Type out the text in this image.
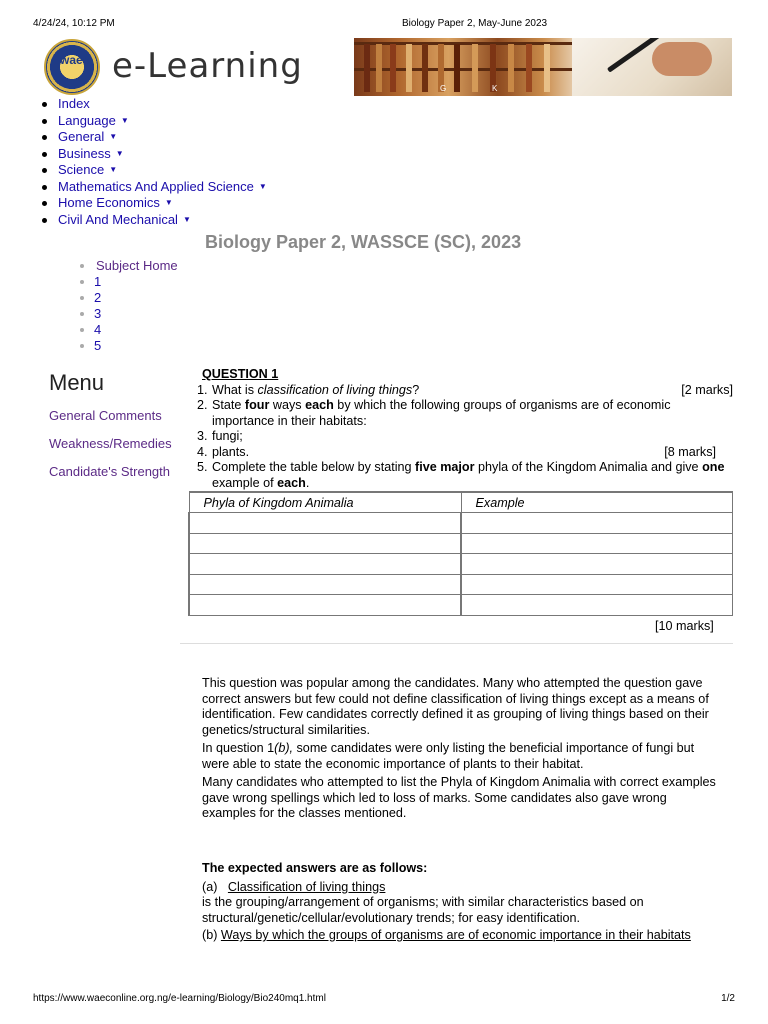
4/24/24, 10:12 PM	Biology Paper 2, May-June 2023
waec e-Learning
G	K
Index
Language ▼
General ▼
Business ▼
Science ▼
Mathematics And Applied Science ▼
Home Economics ▼
Civil And Mechanical ▼
Biology Paper 2, WASSCE (SC), 2023
Subject Home
1
2
3
4
5
Menu
General Comments
Weakness/Remedies
Candidate's Strength
QUESTION 1
1. What is classification of living things?	[2 marks]
2. State four ways each by which the following groups of organisms are of economic importance in their habitats:
3. fungi;
4. plants.	[8 marks]
5. Complete the table below by stating five major phyla of the Kingdom Animalia and give one example of each.
Phyla of Kingdom Animalia	Example

[10 marks]

This question was popular among the candidates. Many who attempted the question gave correct answers but few could not define classification of living things except as a means of identification. Few candidates correctly defined it as grouping of living things based on their genetics/structural similarities.

In question 1(b), some candidates were only listing the beneficial importance of fungi but were able to state the economic importance of plants to their habitat.

Many candidates who attempted to list the Phyla of Kingdom Animalia with correct examples gave wrong spellings which led to loss of marks. Some candidates also gave wrong examples for the classes mentioned.

The expected answers are as follows:
(a) Classification of living things

is the grouping/arrangement of organisms; with similar characteristics based on structural/genetic/cellular/evolutionary trends; for easy identification.

(b) Ways by which the groups of organisms are of economic importance in their habitats
https://www.waeconline.org.ng/e-learning/Biology/Bio240mq1.html	1/2
